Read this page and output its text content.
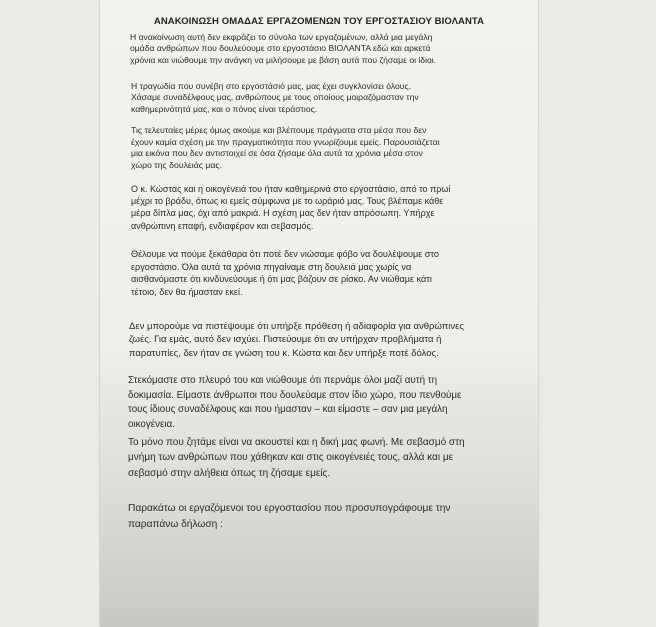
ΑΝΑΚΟΙΝΩΣΗ ΟΜΑΔΑΣ ΕΡΓΑΖΟΜΕΝΩΝ ΤΟΥ ΕΡΓΟΣΤΑΣΙΟΥ ΒΙΟΛΑΝΤΑ

Η ανακοίνωση αυτή δεν εκφράζει το σύνολο των εργαζομένων, αλλά μια μεγάλη
ομάδα ανθρώπων που δουλεύουμε στο εργοστάσιο ΒΙΟΛΑΝΤΑ εδώ και αρκετά
χρόνια και νιώθουμε την ανάγκη να μιλήσουμε με βάση αυτά που ζήσαμε οι ίδιοι.

Η τραγωδία που συνέβη στο εργοστάσιό μας, μας έχει συγκλονίσει όλους.
Χάσαμε συναδέλφους μας, ανθρώπους με τους οποίους μοιραζόμασταν την
καθημερινότητά μας, και ο πόνος είναι τεράστιος.

Τις τελευταίες μέρες όμως ακούμε και βλέπουμε πράγματα στα μέσα που δεν
έχουν καμία σχέση με την πραγματικότητα που γνωρίζουμε εμείς. Παρουσιάζεται
μια εικόνα που δεν αντιστοιχεί σε όσα ζήσαμε όλα αυτά τα χρόνια μέσα στον
χώρο της δουλειάς μας.

Ο κ. Κώστας και η οικογένειά του ήταν καθημερινά στο εργοστάσιο, από το πρωί
μέχρι το βράδυ, όπως κι εμείς σύμφωνα με το ωράριό μας. Τους βλέπαμε κάθε
μέρα δίπλα μας, όχι από μακριά. Η σχέση μας δεν ήταν απρόσωπη. Υπήρχε
ανθρώπινη επαφή, ενδιαφέρον και σεβασμός.

Θέλουμε να πούμε ξεκάθαρα ότι ποτέ δεν νιώσαμε φόβο να δουλέψουμε στο
εργοστάσιο. Όλα αυτά τα χρόνια πηγαίναμε στη δουλειά μας χωρίς να
αισθανόμαστε ότι κινδυνεύουμε ή ότι μας βάζουν σε ρίσκο. Αν νιώθαμε κάτι
τέτοιο, δεν θα ήμασταν εκεί.

Δεν μπορούμε να πιστέψουμε ότι υπήρξε πρόθεση ή αδιαφορία για ανθρώπινες
ζωές. Για εμάς, αυτό δεν ισχύει. Πιστεύουμε ότι αν υπήρχαν προβλήματα ή
παρατυπίες, δεν ήταν σε γνώση του κ. Κώστα και δεν υπήρξε ποτέ δόλος.

Στεκόμαστε στο πλευρό του και νιώθουμε ότι περνάμε όλοι μαζί αυτή τη
δοκιμασία. Είμαστε άνθρωποι που δουλεύαμε στον ίδιο χώρο, που πενθούμε
τους ίδιους συναδέλφους και που ήμασταν – και είμαστε – σαν μια μεγάλη
οικογένεια.

Το μόνο που ζητάμε είναι να ακουστεί και η δική μας φωνή. Με σεβασμό στη
μνήμη των ανθρώπων που χάθηκαν και στις οικογένειές τους, αλλά και με
σεβασμό στην αλήθεια όπως τη ζήσαμε εμείς.

Παρακάτω οι εργαζόμενοι του εργοστασίου που προσυπογράφουμε την
παραπάνω δήλωση :
